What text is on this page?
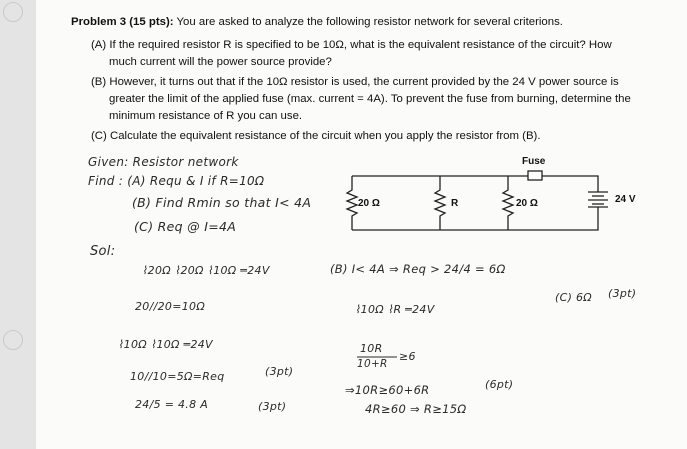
Problem 3 (15 pts): You are asked to analyze the following resistor network for several criterions.
(A) If the required resistor R is specified to be 10Ω, what is the equivalent resistance of the circuit? How
much current will the power source provide?
(B) However, it turns out that if the 10Ω resistor is used, the current provided by the 24 V power source is
greater the limit of the applied fuse (max. current = 4A). To prevent the fuse from burning, determine the
minimum resistance of R you can use.
(C) Calculate the equivalent resistance of the circuit when you apply the resistor from (B).
Fuse
20 Ω	R	20 Ω	24 V
Given: Resistor network
Find : (A) Requ & I if R=10Ω
(B) Find Rmin so that I< 4A
(C) Req @ I=4A
Sol:
⌇20Ω ⌇20Ω ⌇10Ω ═24V	(B) I< 4A ⇒ Req > 24/4 = 6Ω
(C) 6Ω (3pt)
20//20=10Ω	⌇10Ω ⌇R ═24V
⌇10Ω ⌇10Ω ═24V	10R
10+R
≥6
10//10=5Ω=Req	(3pt)
⇒10R≥60+6R	(6pt)
24/5 = 4.8 A	(3pt)	4R≥60 ⇒ R≥15Ω
